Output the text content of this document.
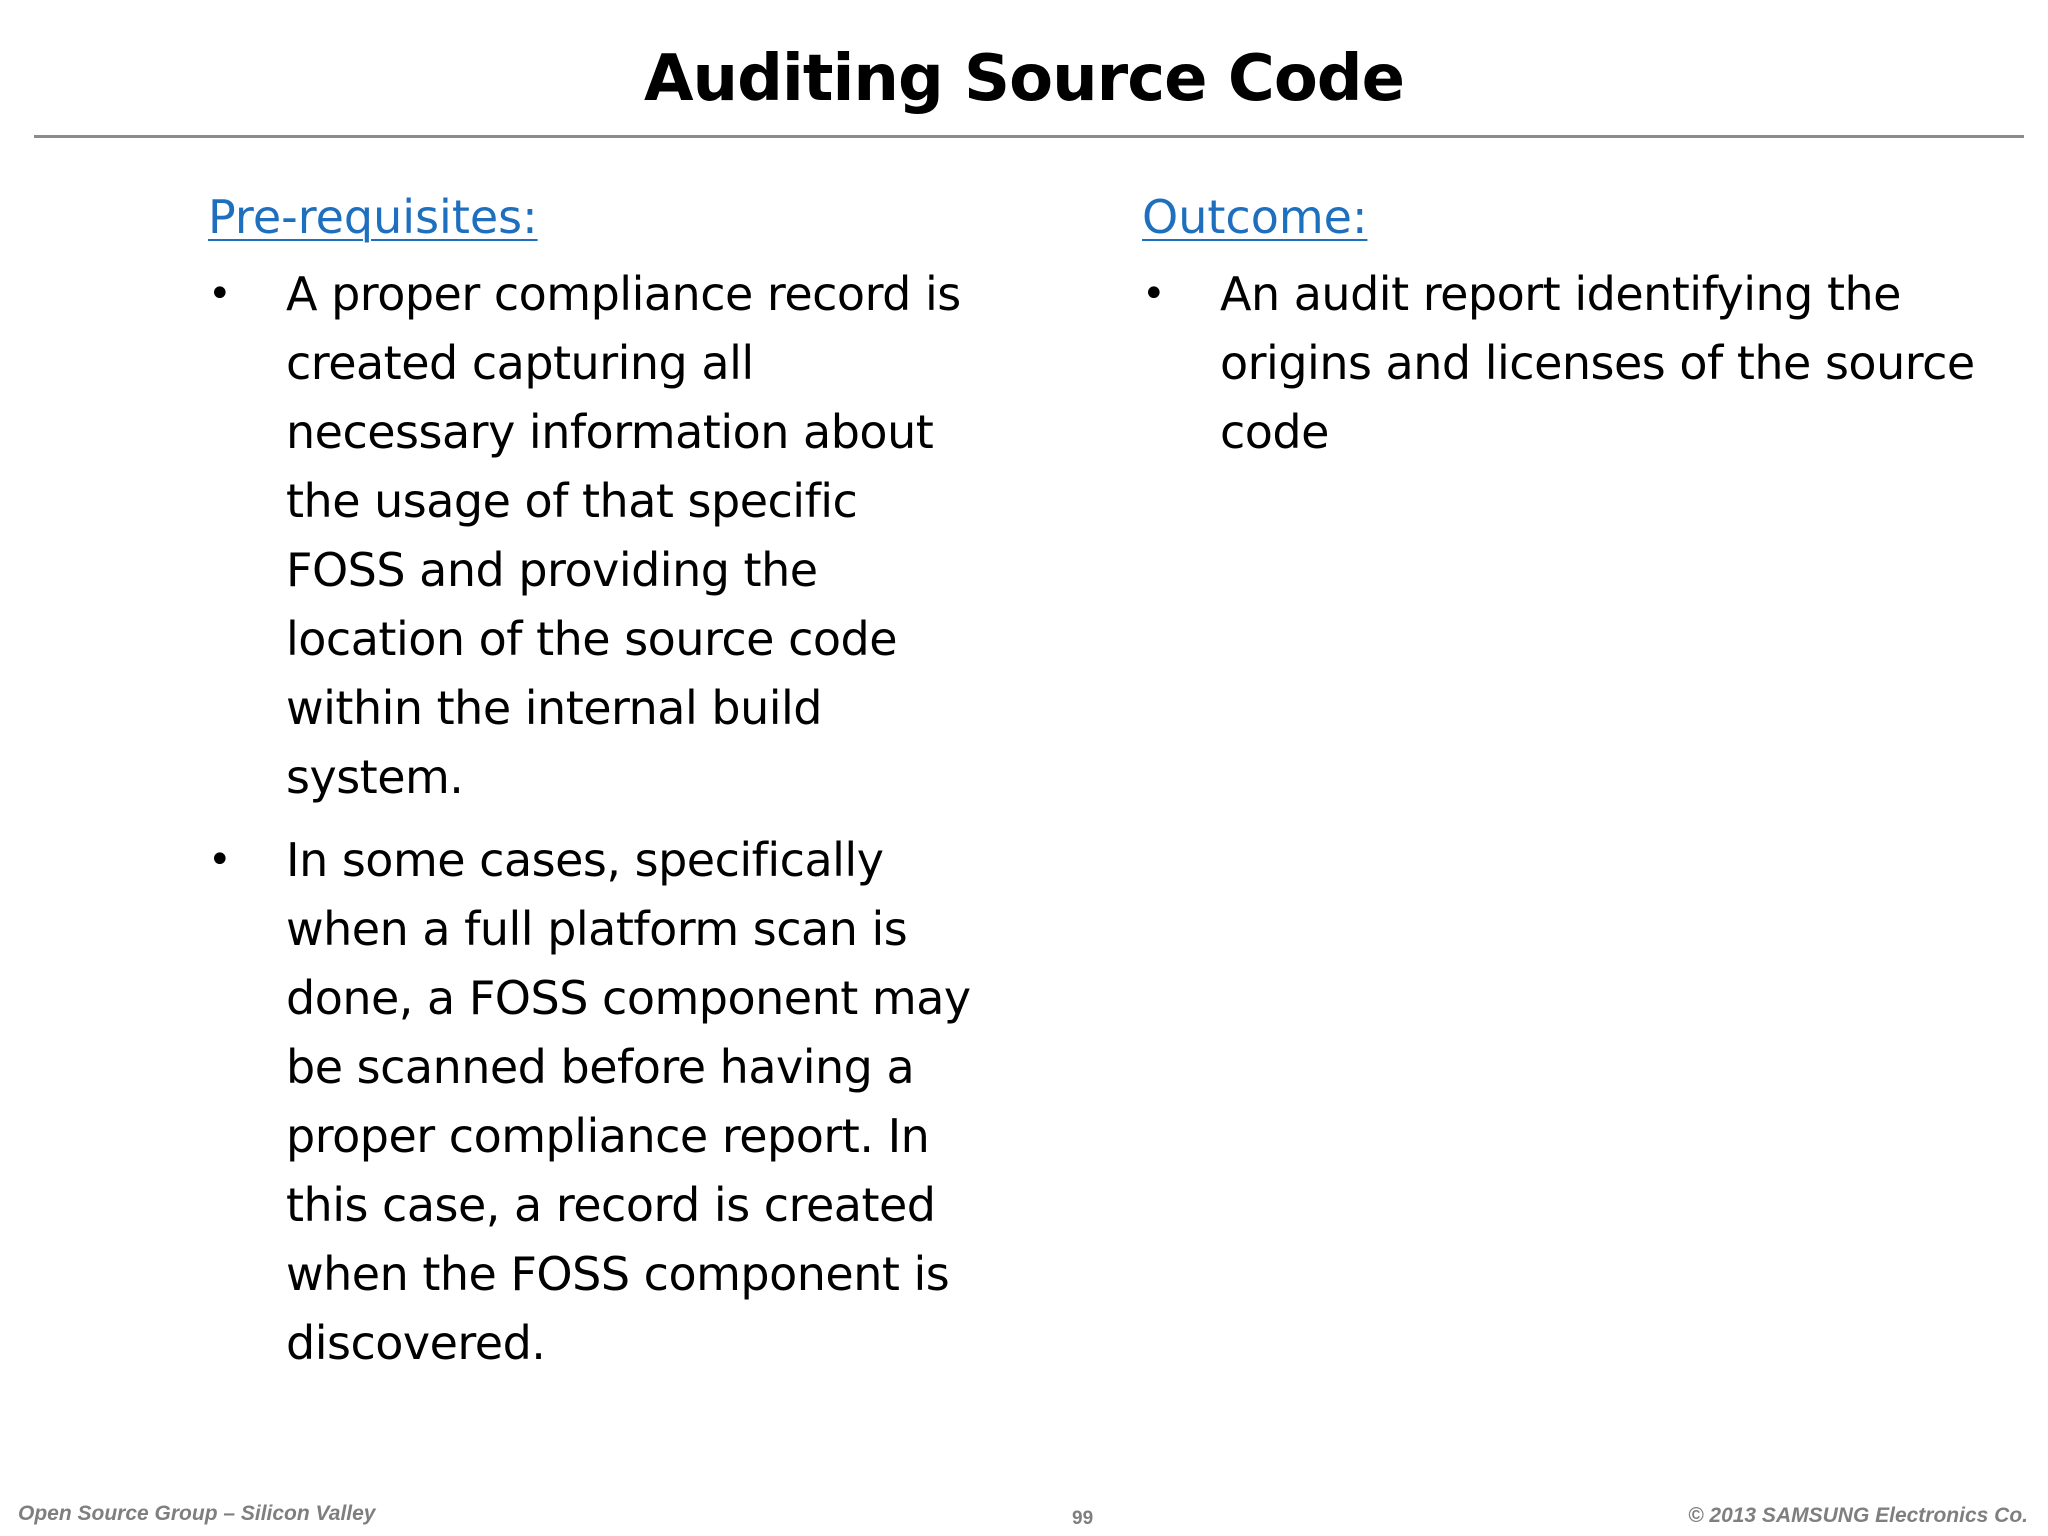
Auditing Source Code
Pre-requisites:
• A proper compliance record is created capturing all necessary information about the usage of that specific FOSS and providing the location of the source code within the internal build system.
• In some cases, specifically when a full platform scan is done, a FOSS component may be scanned before having a proper compliance report. In this case, a record is created when the FOSS component is discovered.
Outcome:
• An audit report identifying the origins and licenses of the source code
Open Source Group – Silicon Valley	99	© 2013 SAMSUNG Electronics Co.
